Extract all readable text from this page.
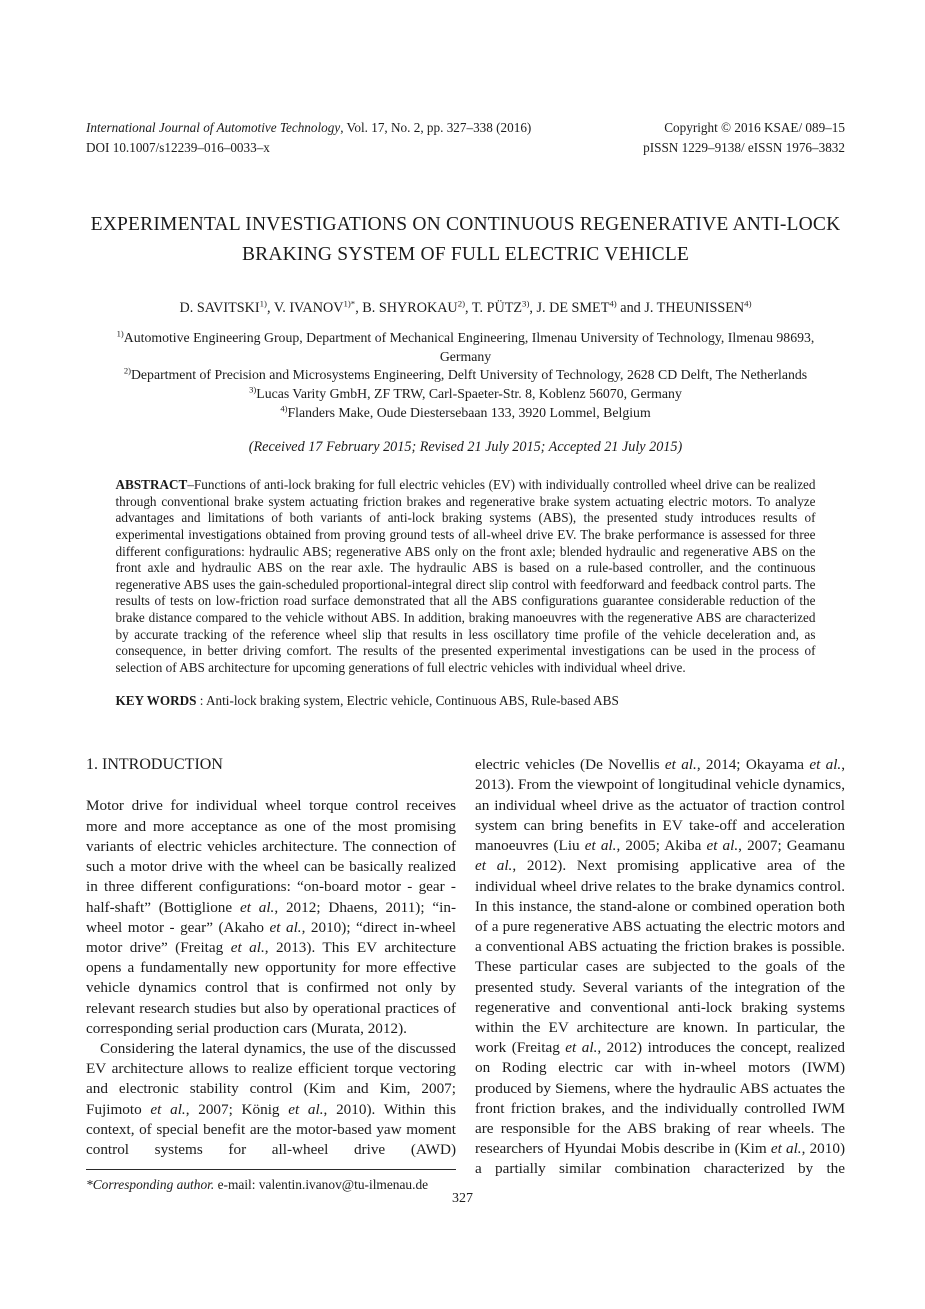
International Journal of Automotive Technology, Vol. 17, No. 2, pp. 327–338 (2016)
DOI 10.1007/s12239–016–0033–x
Copyright © 2016 KSAE/ 089–15
pISSN 1229–9138/ eISSN 1976–3832
EXPERIMENTAL INVESTIGATIONS ON CONTINUOUS REGENERATIVE ANTI-LOCK BRAKING SYSTEM OF FULL ELECTRIC VEHICLE
D. SAVITSKI$^{1)}$, V. $IVANOV^{1)*}$, B. SHYROKAU$^{2)}$, T. PÜTZ$^{3)}$, J. DE SMET$^{4)}$ and J. THEUNISSEN$^{4)}$
$^{1)}$Automotive Engineering Group, Department of Mechanical Engineering, Ilmenau University of Technology, Ilmenau 98693, Germany
$^{2)}$Department of Precision and Microsystems Engineering, Delft University of Technology, 2628 CD Delft, The Netherlands
$^{3)}$Lucas Varity GmbH, ZF TRW, Carl-Spaeter-Str. 8, Koblenz 56070, Germany
$^{4)}$Flanders Make, Oude Diestersebaan 133, 3920 Lommel, Belgium
(Received 17 February 2015; Revised 21 July 2015; Accepted 21 July 2015)
ABSTRACT–Functions of anti-lock braking for full electric vehicles (EV) with individually controlled wheel drive can be realized through conventional brake system actuating friction brakes and regenerative brake system actuating electric motors. To analyze advantages and limitations of both variants of anti-lock braking systems (ABS), the presented study introduces results of experimental investigations obtained from proving ground tests of all-wheel drive EV. The brake performance is assessed for three different configurations: hydraulic ABS; regenerative ABS only on the front axle; blended hydraulic and regenerative ABS on the front axle and hydraulic ABS on the rear axle. The hydraulic ABS is based on a rule-based controller, and the continuous regenerative ABS uses the gain-scheduled proportional-integral direct slip control with feedforward and feedback control parts. The results of tests on low-friction road surface demonstrated that all the ABS configurations guarantee considerable reduction of the brake distance compared to the vehicle without ABS. In addition, braking manoeuvres with the regenerative ABS are characterized by accurate tracking of the reference wheel slip that results in less oscillatory time profile of the vehicle deceleration and, as consequence, in better driving comfort. The results of the presented experimental investigations can be used in the process of selection of ABS architecture for upcoming generations of full electric vehicles with individual wheel drive.
KEY WORDS : Anti-lock braking system, Electric vehicle, Continuous ABS, Rule-based ABS
1. INTRODUCTION

Motor drive for individual wheel torque control receives more and more acceptance as one of the most promising variants of electric vehicles architecture. The connection of such a motor drive with the wheel can be basically realized in three different configurations: “on-board motor - gear - half-shaft” (Bottiglione et al., 2012; Dhaens, 2011); “in-wheel motor - gear” (Akaho et al., 2010); “direct in-wheel motor drive” (Freitag et al., 2013). This EV architecture opens a fundamentally new opportunity for more effective vehicle dynamics control that is confirmed not only by relevant research studies but also by operational practices of corresponding serial production cars (Murata, 2012).

Considering the lateral dynamics, the use of the discussed EV architecture allows to realize efficient torque vectoring and electronic stability control (Kim and Kim, 2007; Fujimoto et al., 2007; König et al., 2010). Within this context, of special benefit are the motor-based yaw moment control systems for all-wheel drive (AWD)

*Corresponding author. e-mail: valentin.ivanov@tu-ilmenau.de

electric vehicles (De Novellis et al., 2014; Okayama et al., 2013). From the viewpoint of longitudinal vehicle dynamics, an individual wheel drive as the actuator of traction control system can bring benefits in EV take-off and acceleration manoeuvres (Liu et al., 2005; Akiba et al., 2007; Geamanu et al., 2012). Next promising applicative area of the individual wheel drive relates to the brake dynamics control. In this instance, the stand-alone or combined operation both of a pure regenerative ABS actuating the electric motors and a conventional ABS actuating the friction brakes is possible. These particular cases are subjected to the goals of the presented study. Several variants of the integration of the regenerative and conventional anti-lock braking systems within the EV architecture are known. In particular, the work (Freitag et al., 2012) introduces the concept, realized on Roding electric car with in-wheel motors (IWM) produced by Siemens, where the hydraulic ABS actuates the front friction brakes, and the individually controlled IWM are responsible for the ABS braking of rear wheels. The researchers of Hyundai Mobis describe in (Kim et al., 2010) a partially similar combination characterized by the

327
